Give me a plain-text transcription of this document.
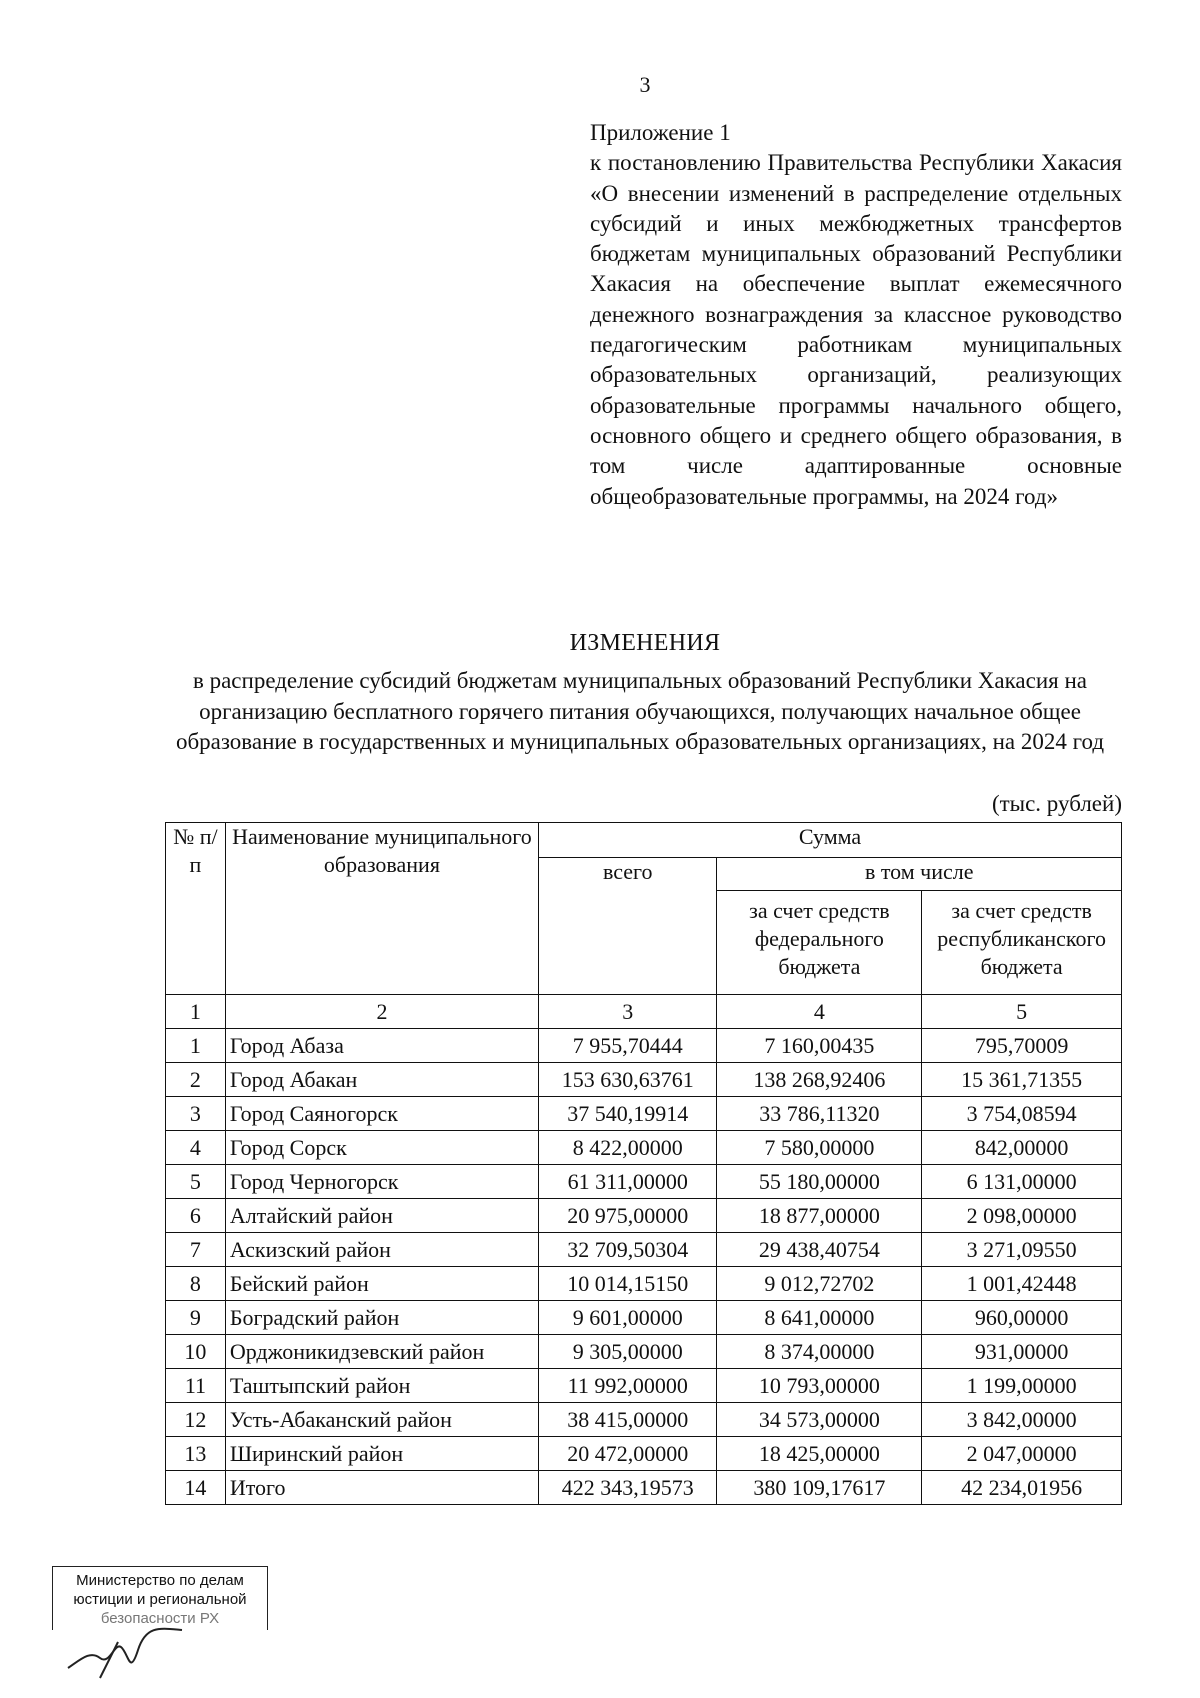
3

Приложение 1

к постановлению Правительства Республики Хакасия «О внесении изменений в распределение отдельных субсидий и иных межбюджетных трансфертов бюджетам муниципальных образований Республики Хакасия на обеспечение выплат ежемесячного денежного вознаграждения за классное руководство педагогическим работникам муниципальных образовательных организаций, реализующих образовательные программы начального общего, основного общего и среднего общего образования, в том числе адаптированные основные общеобразовательные программы, на 2024 год»

ИЗМЕНЕНИЯ
в распределение субсидий бюджетам муниципальных образований Республики Хакасия на организацию бесплатного горячего питания обучающихся, получающих начальное общее образование в государственных и муниципальных образовательных организациях, на 2024 год
(тыс. рублей)
№ п/п	Наименование муниципального образования	Сумма		
		всего	в том числе	
			за счет средств федерального бюджета	за счет средств республиканского бюджета
1	2	3	4	5
1	Город Абаза	7 955,70444	7 160,00435	795,70009
2	Город Абакан	153 630,63761	138 268,92406	15 361,71355
3	Город Саяногорск	37 540,19914	33 786,11320	3 754,08594
4	Город Сорск	8 422,00000	7 580,00000	842,00000
5	Город Черногорск	61 311,00000	55 180,00000	6 131,00000
6	Алтайский район	20 975,00000	18 877,00000	2 098,00000
7	Аскизский район	32 709,50304	29 438,40754	3 271,09550
8	Бейский район	10 014,15150	9 012,72702	1 001,42448
9	Боградский район	9 601,00000	8 641,00000	960,00000
10	Орджоникидзевский район	9 305,00000	8 374,00000	931,00000
11	Таштыпский район	11 992,00000	10 793,00000	1 199,00000
12	Усть-Абаканский район	38 415,00000	34 573,00000	3 842,00000
13	Ширинский район	20 472,00000	18 425,00000	2 047,00000
14	Итого	422 343,19573	380 109,17617	42 234,01956
Министерство по делам
юстиции и региональной
безопасности РХ
